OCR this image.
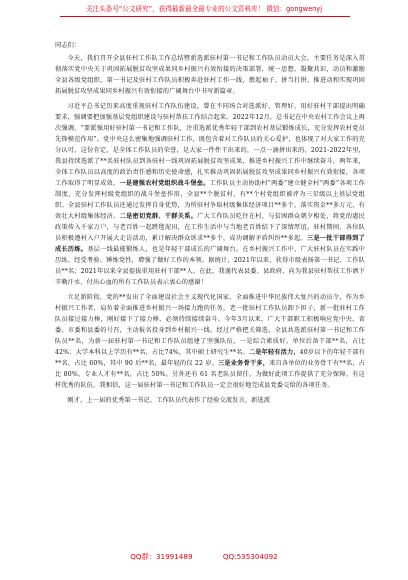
关注头条号“公文研究”，获得最新最全最专业的公文资料库！ 微信：gongwenyj

同志们：

今天，我们召开全县驻村工作队工作总结暨新选派驻村第一书记和工作队员动员大会，主要任务是深入贯彻落实党中央关于巩固拓展脱贫攻坚成果同乡村振兴有效衔接的决策部署，统一思想、凝聚共识，动员和激励全县各级党组织、第一书记及驻村工作队员积极奔赴驻村工作一线，撸起袖子、拼当打拼，推进动和实现巩固拓展脱贫攻坚成果同乡村振兴有效衔接的广阔舞台中书写新篇章。

习近平总书记历来高度重视驻村工作队伍建设，曾在不同场合对选派好、管理好、用好驻村干部提出明确要求，强调要把加强基层党组织建设与驻村帮扶工作结合起来。2022年12月，总书记在中央农村工作会议上再次强调，“要派强用好驻村第一书记和工作队，注重选派优秀年轻干部到农村基层锻炼成长，充分发挥农村党员先锋模范作用”。党中央这么密集地强调驻村工作，既包含着对工作队员的关心爱护，也体现了对大家工作的充分认可。这份肯定，是全体工作队员的荣誉，是大家一件件干出来的，一点一滴拼出来的。2021-2022年里，我县持续选派了**名驻村队员到各驻村一线巩固拓展脱贫攻坚成果，推进乡村振兴工作中继续奋斗，两年来，全体工作队员以高度的政治责任感和历史使命感，扎实推动巩固拓展脱贫攻坚成果同乡村振兴有效衔接，各项工作取得了明显成效。一是建强农村党组织战斗堡垒。工作队员主动协助村“两委”建立健全村“两委”各项工作制度，充分发挥村级党组织的战斗堡垒作用，全县**个脱贫村、有**个村党组织被评为三星级以上基层党组织。全县驻村工作队员还通过发挥自身优势，为所驻村争取村级集体经济项目**多个，落实资金**多万元，有效壮大村级集体经济。二是密切党群、干群关系。广大工作队员吃住在村，与贫困群众朝夕相处，将党的惠民政策传入千家万户，与老百姓一起蹚毯泥田，在工作生活中与当地老百姓结下了深情厚谊。驻村期间，各位队员积极遵村入户开展大走访活动，累计解决群众诉求**多个，成功调解矛盾纠纷**多起。三是一批干部得到了成长历练。基层一线最能锻炼人，也是年轻干部成长的广阔舞台。在乡村振兴工作中，广大驻村队员在实践中历练、经受考验、锤炼党性，增强了做好工作的本领。据统计，2021年以来，获得市级表扬第一书记、工作队员**名；2021年以来全县提拔重用驻村干部**人。在此，我谨代表县委、县政府，向为我县驻村帮扶工作洒下辛勤汗水、付出心血的所有工作队员表示衷心的感谢！

立足新阶段，党的**发出了全面建设社会主义现代化国家、全面推进中华民族伟大复兴的动员令，作为乡村振兴工作者，肩负着全面推进乡村振兴一场接力跑的任务，老一批驻村工作队员卸下担子，新一批驻村工作队员接过接力棒，刚好接下了接力棒，必须持续接续奋斗。今年3月以来，广大干部职工积极响应党中央、省委、市委和县委的号召，主动报名投身到乡村振兴一线。经过严格把关筛选，全县共选派驻村第一书记和工作队员**名，为新一届驻村第一书记和工作队员组建了坚强队伍，一是综合素质好。单位后备干部**名，占比 42%；大学本科以上学历有**名，占比74%，其中硕士研究生**名。二是年轻有活力，40岁以下的年轻干部有**名，占比 60%，其中 90 后**名，最年轻的仅 22 岁。三是业务骨干多，来自各单位的业务骨干有**名，占比 80%，专业人才有**名，占比 50%。另外还有 61 名老队员留任，为做好此项工作提供了充分保障。有这样优秀的队伍，我相信，这一届驻村第一书记和工作队员一定会很好地完成县党委交给的各项任务。

刚才，上一届的优秀第一书记、工作队员代表作了经验交流发言，新选派

QQ群：31991489	QQ:535304092
